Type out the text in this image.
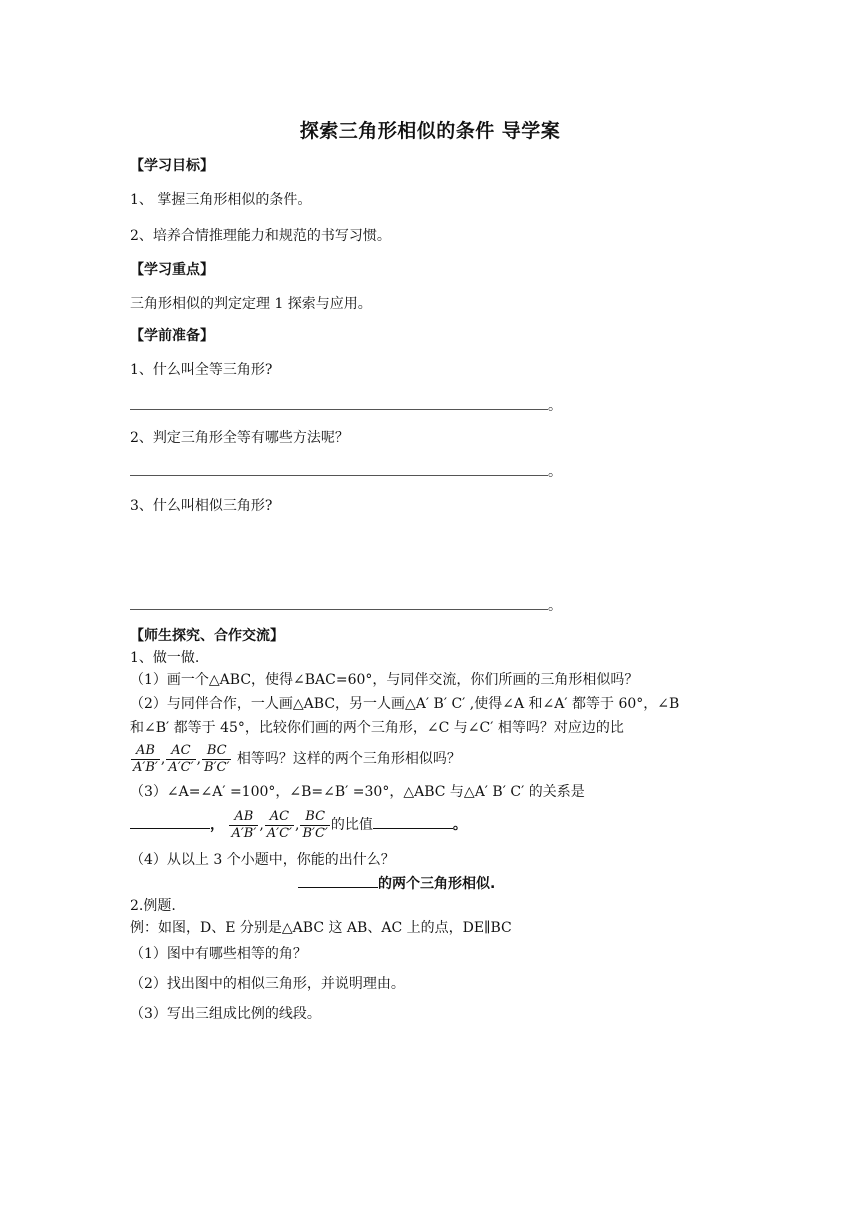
探索三角形相似的条件 导学案
【学习目标】
1、 掌握三角形相似的条件。
2、培养合情推理能力和规范的书写习惯。
【学习重点】
三角形相似的判定定理 1 探索与应用。
【学前准备】
1、什么叫全等三角形?
。
2、判定三角形全等有哪些方法呢？
。
3、什么叫相似三角形?
。
【师生探究、合作交流】
1、做一做.
（1）画一个△ABC，使得∠BAC=60°，与同伴交流，你们所画的三角形相似吗？
（2）与同伴合作，一人画△ABC，另一人画△A′ B′ C′ ,使得∠A 和∠A′ 都等于 60°，∠B
和∠B′ 都等于 45°，比较你们画的两个三角形，∠C 与∠C′ 相等吗？对应边的比
$\frac{AB}{A'B'}$ , $\frac{AC}{A'C'}$ , $\frac{BC}{B'C'}$ 相等吗？这样的两个三角形相似吗？
（3）∠A=∠A′ =100°，∠B=∠B′ =30°，△ABC 与△A′ B′ C′ 的关系是
， $\frac{AB}{A'B'}$ , $\frac{AC}{A'C'}$ , $\frac{BC}{B'C'}$ 的比值	。
（4）从以上 3 个小题中，你能的出什么？
的两个三角形相似.
2.例题.
例：如图，D、E 分别是△ABC 这 AB、AC 上的点，DE∥BC
（1）图中有哪些相等的角？
（2）找出图中的相似三角形，并说明理由。
（3）写出三组成比例的线段。
